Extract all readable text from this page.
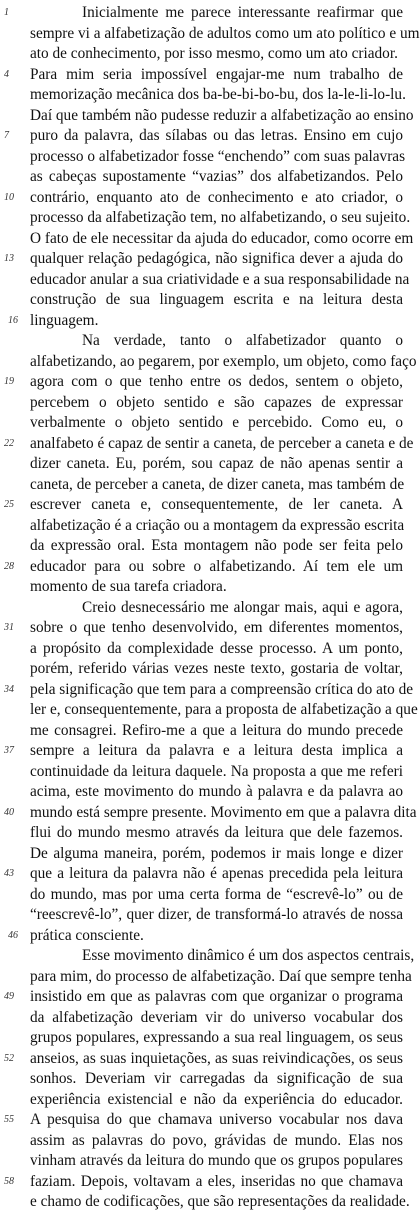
1	Inicialmente me parece interessante reafirmar que
sempre vi a alfabetização de adultos como um ato político e um
ato de conhecimento, por isso mesmo, como um ato criador.
4	Para mim seria impossível engajar-me num trabalho de
memorização mecânica dos ba-be-bi-bo-bu, dos la-le-li-lo-lu.
Daí que também não pudesse reduzir a alfabetização ao ensino
7	puro da palavra, das sílabas ou das letras. Ensino em cujo
processo o alfabetizador fosse “enchendo” com suas palavras
as cabeças supostamente “vazias” dos alfabetizandos. Pelo
10	contrário, enquanto ato de conhecimento e ato criador, o
processo da alfabetização tem, no alfabetizando, o seu sujeito.
O fato de ele necessitar da ajuda do educador, como ocorre em
13	qualquer relação pedagógica, não significa dever a ajuda do
educador anular a sua criatividade e a sua responsabilidade na
construção de sua linguagem escrita e na leitura desta
16 linguagem.
Na verdade, tanto o alfabetizador quanto o
alfabetizando, ao pegarem, por exemplo, um objeto, como faço
19	agora com o que tenho entre os dedos, sentem o objeto,
percebem o objeto sentido e são capazes de expressar
verbalmente o objeto sentido e percebido. Como eu, o
22	analfabeto é capaz de sentir a caneta, de perceber a caneta e de
dizer caneta. Eu, porém, sou capaz de não apenas sentir a
caneta, de perceber a caneta, de dizer caneta, mas também de
25	escrever caneta e, consequentemente, de ler caneta. A
alfabetização é a criação ou a montagem da expressão escrita
da expressão oral. Esta montagem não pode ser feita pelo
28	educador para ou sobre o alfabetizando. Aí tem ele um
momento de sua tarefa criadora.
Creio desnecessário me alongar mais, aqui e agora,
31	sobre o que tenho desenvolvido, em diferentes momentos,
a propósito da complexidade desse processo. A um ponto,
porém, referido várias vezes neste texto, gostaria de voltar,
34	pela significação que tem para a compreensão crítica do ato de
ler e, consequentemente, para a proposta de alfabetização a que
me consagrei. Refiro-me a que a leitura do mundo precede
37	sempre a leitura da palavra e a leitura desta implica a
continuidade da leitura daquele. Na proposta a que me referi
acima, este movimento do mundo à palavra e da palavra ao
40	mundo está sempre presente. Movimento em que a palavra dita
flui do mundo mesmo através da leitura que dele fazemos.
De alguma maneira, porém, podemos ir mais longe e dizer
43	que a leitura da palavra não é apenas precedida pela leitura
do mundo, mas por uma certa forma de “escrevê-lo” ou de
“reescrevê-lo”, quer dizer, de transformá-lo através de nossa
46 prática consciente.
Esse movimento dinâmico é um dos aspectos centrais,
para mim, do processo de alfabetização. Daí que sempre tenha
49	insistido em que as palavras com que organizar o programa
da alfabetização deveriam vir do universo vocabular dos
grupos populares, expressando a sua real linguagem, os seus
52	anseios, as suas inquietações, as suas reivindicações, os seus
sonhos. Deveriam vir carregadas da significação de sua
experiência existencial e não da experiência do educador.
55	A pesquisa do que chamava universo vocabular nos dava
assim as palavras do povo, grávidas de mundo. Elas nos
vinham através da leitura do mundo que os grupos populares
58	faziam. Depois, voltavam a eles, inseridas no que chamava
e chamo de codificações, que são representações da realidade.
